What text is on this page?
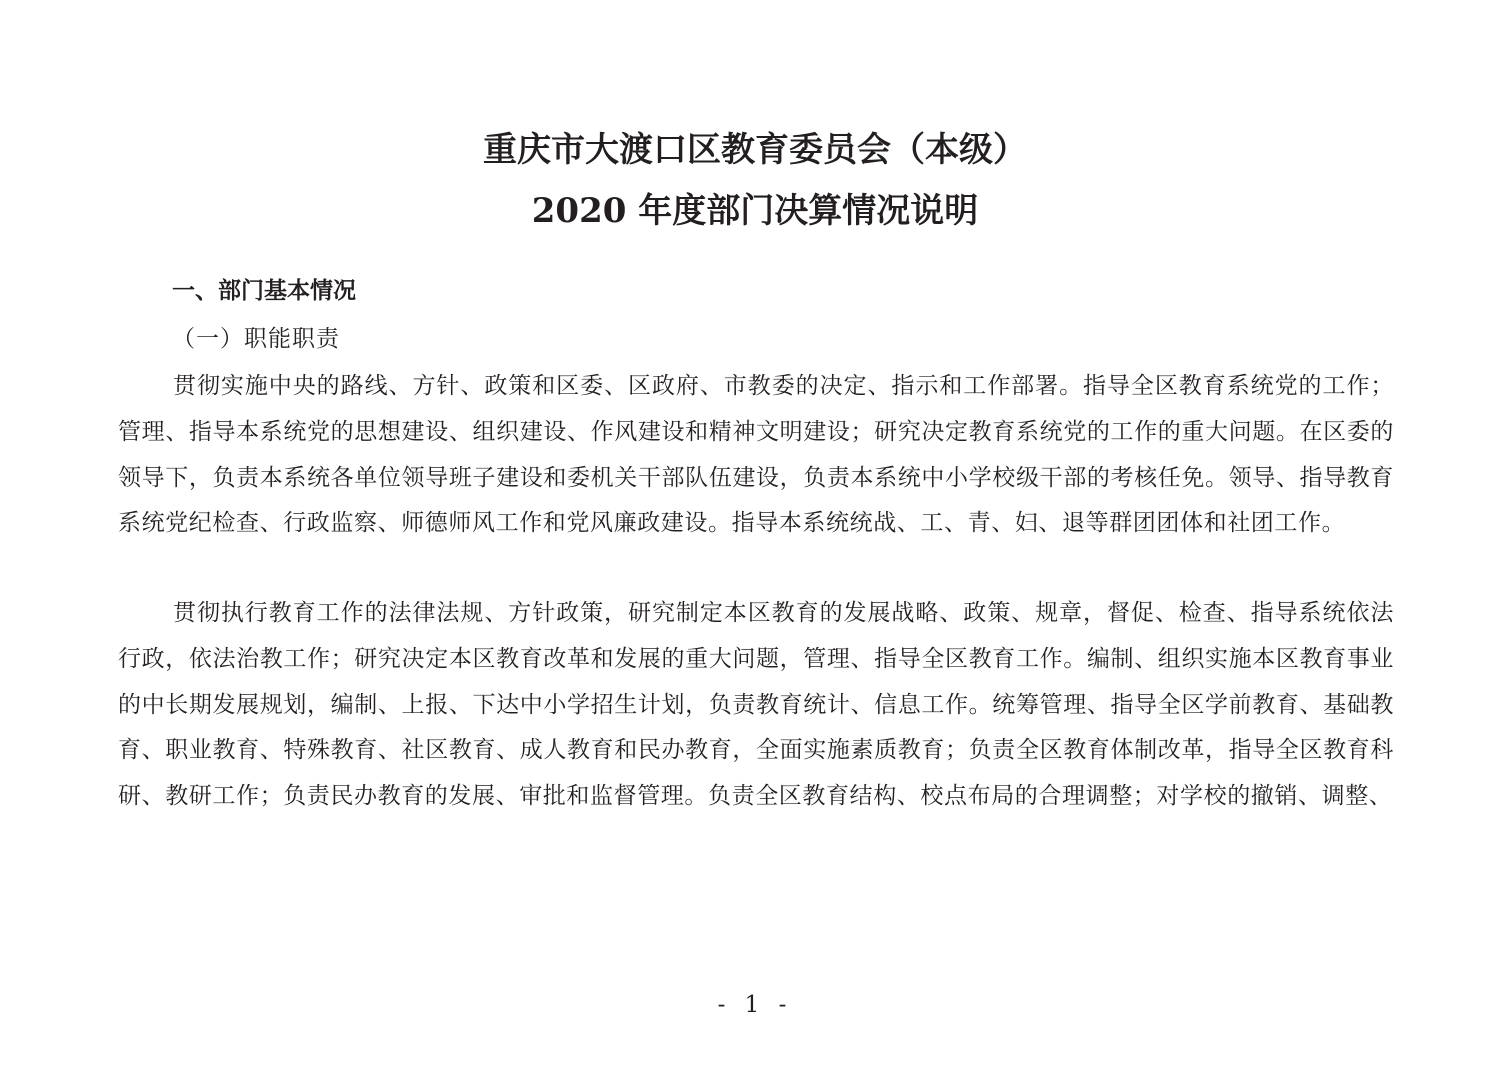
重庆市大渡口区教育委员会（本级）
2020 年度部门决算情况说明
一、部门基本情况
（一）职能职责

贯彻实施中央的路线、方针、政策和区委、区政府、市教委的决定、指示和工作部署。指导全区教育系统党的工作；管理、指导本系统党的思想建设、组织建设、作风建设和精神文明建设；研究决定教育系统党的工作的重大问题。在区委的领导下，负责本系统各单位领导班子建设和委机关干部队伍建设，负责本系统中小学校级干部的考核任免。领导、指导教育系统党纪检查、行政监察、师德师风工作和党风廉政建设。指导本系统统战、工、青、妇、退等群团团体和社团工作。

贯彻执行教育工作的法律法规、方针政策，研究制定本区教育的发展战略、政策、规章，督促、检查、指导系统依法行政，依法治教工作；研究决定本区教育改革和发展的重大问题，管理、指导全区教育工作。编制、组织实施本区教育事业的中长期发展规划，编制、上报、下达中小学招生计划，负责教育统计、信息工作。统筹管理、指导全区学前教育、基础教育、职业教育、特殊教育、社区教育、成人教育和民办教育，全面实施素质教育；负责全区教育体制改革，指导全区教育科研、教研工作；负责民办教育的发展、审批和监督管理。负责全区教育结构、校点布局的合理调整；对学校的撤销、调整、

- 1 -
